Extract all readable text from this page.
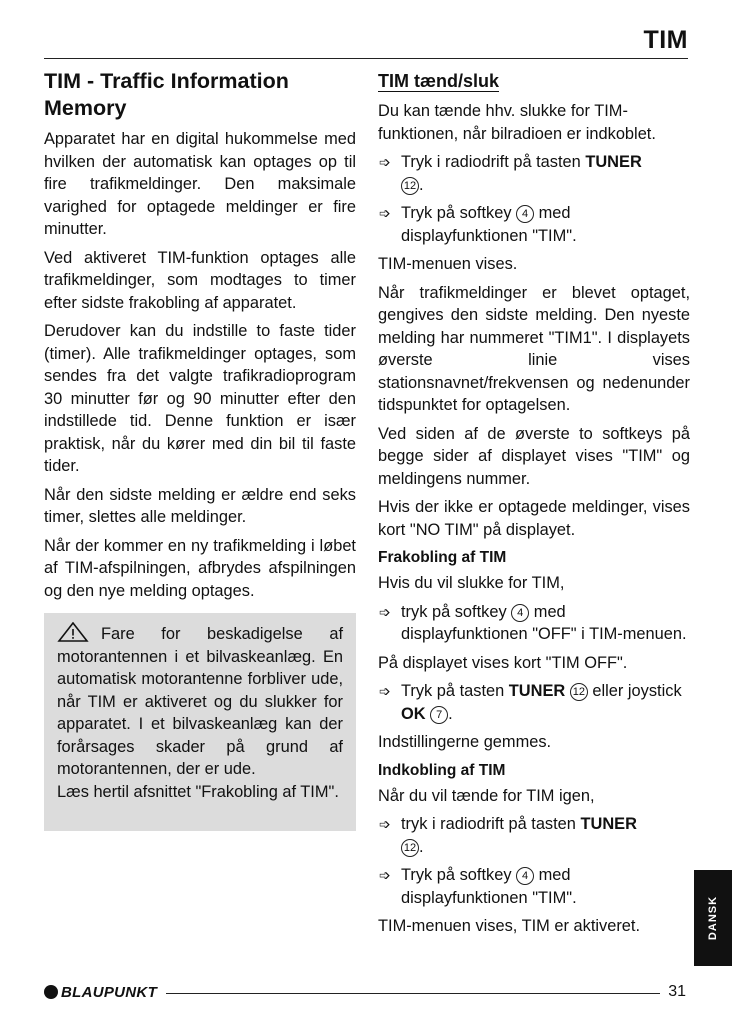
TIM
TIM - Traffic Information Memory

Apparatet har en digital hukommelse med hvilken der automatisk kan optages op til fire trafikmeldinger. Den maksimale varighed for optagede meldinger er fire minutter.

Ved aktiveret TIM-funktion optages alle trafikmeldinger, som modtages to timer efter sidste frakobling af apparatet.

Derudover kan du indstille to faste tider (timer). Alle trafikmeldinger optages, som sendes fra det valgte trafikradioprogram 30 minutter før og 90 minutter efter den indstillede tid. Denne funktion er især praktisk, når du kører med din bil til faste tider.

Når den sidste melding er ældre end seks timer, slettes alle meldinger.

Når der kommer en ny trafikmelding i løbet af TIM-afspilningen, afbrydes afspilningen og den nye melding optages.

Fare for beskadigelse af motorantennen i et bilvaskeanlæg. En automatisk motorantenne forbliver ude, når TIM er aktiveret og du slukker for apparatet. I et bilvaskeanlæg kan der forårsages skader på grund af motorantennen, der er ude.

Læs hertil afsnittet "Frakobling af TIM".

TIM tænd/sluk

Du kan tænde hhv. slukke for TIM-funktionen, når bilradioen er indkoblet.

➩ Tryk i radiodrift på tasten TUNER
12 .
➩ Tryk på softkey 4 med displayfunktionen "TIM".

TIM-menuen vises.

Når trafikmeldinger er blevet optaget, gengives den sidste melding. Den nyeste melding har nummeret "TIM1". I displayets øverste linie vises stationsnavnet/frekvensen og nedenunder tidspunktet for optagelsen.

Ved siden af de øverste to softkeys på begge sider af displayet vises "TIM" og meldingens nummer.

Hvis der ikke er optagede meldinger, vises kort "NO TIM" på displayet.

Frakobling af TIM

Hvis du vil slukke for TIM,

➩ tryk på softkey 4 med displayfunktionen "OFF" i TIM-menuen.

På displayet vises kort "TIM OFF".

➩ Tryk på tasten TUNER 12 eller joystick OK 7 .

Indstillingerne gemmes.

Indkobling af TIM

Når du vil tænde for TIM igen,

➩ tryk i radiodrift på tasten TUNER
12 .
➩ Tryk på softkey 4 med displayfunktionen "TIM".

TIM-menuen vises, TIM er aktiveret.	DANSK
BLAUPUNKT	31
